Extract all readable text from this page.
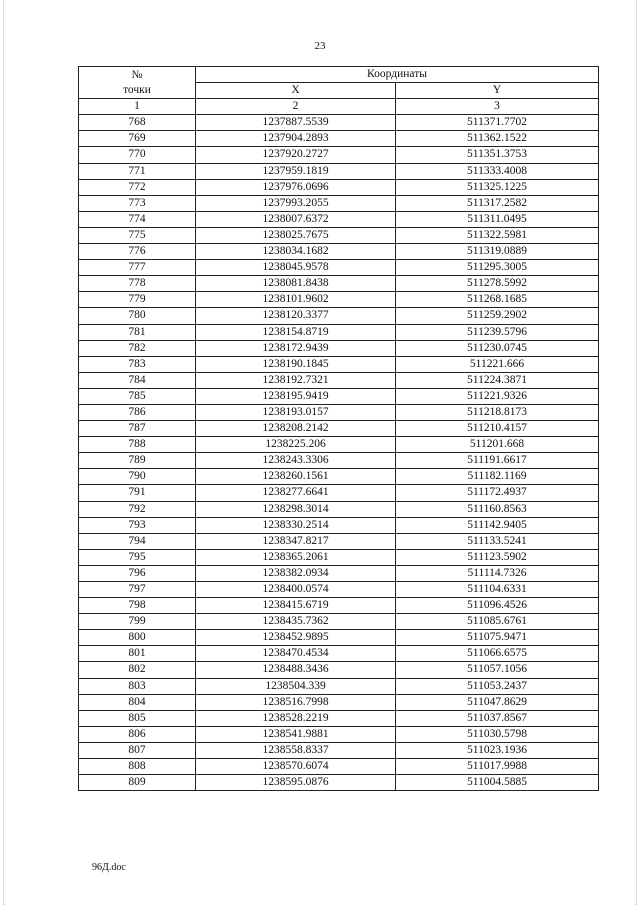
23
№
точки	Координаты	
	X	Y
1	2	3
768	1237887.5539	511371.7702
769	1237904.2893	511362.1522
770	1237920.2727	511351.3753
771	1237959.1819	511333.4008
772	1237976.0696	511325.1225
773	1237993.2055	511317.2582
774	1238007.6372	511311.0495
775	1238025.7675	511322.5981
776	1238034.1682	511319.0889
777	1238045.9578	511295.3005
778	1238081.8438	511278.5992
779	1238101.9602	511268.1685
780	1238120.3377	511259.2902
781	1238154.8719	511239.5796
782	1238172.9439	511230.0745
783	1238190.1845	511221.666
784	1238192.7321	511224.3871
785	1238195.9419	511221.9326
786	1238193.0157	511218.8173
787	1238208.2142	511210.4157
788	1238225.206	511201.668
789	1238243.3306	511191.6617
790	1238260.1561	511182.1169
791	1238277.6641	511172.4937
792	1238298.3014	511160.8563
793	1238330.2514	511142.9405
794	1238347.8217	511133.5241
795	1238365.2061	511123.5902
796	1238382.0934	511114.7326
797	1238400.0574	511104.6331
798	1238415.6719	511096.4526
799	1238435.7362	511085.6761
800	1238452.9895	511075.9471
801	1238470.4534	511066.6575
802	1238488.3436	511057.1056
803	1238504.339	511053.2437
804	1238516.7998	511047.8629
805	1238528.2219	511037.8567
806	1238541.9881	511030.5798
807	1238558.8337	511023.1936
808	1238570.6074	511017.9988
809	1238595.0876	511004.5885
96Д.doc
